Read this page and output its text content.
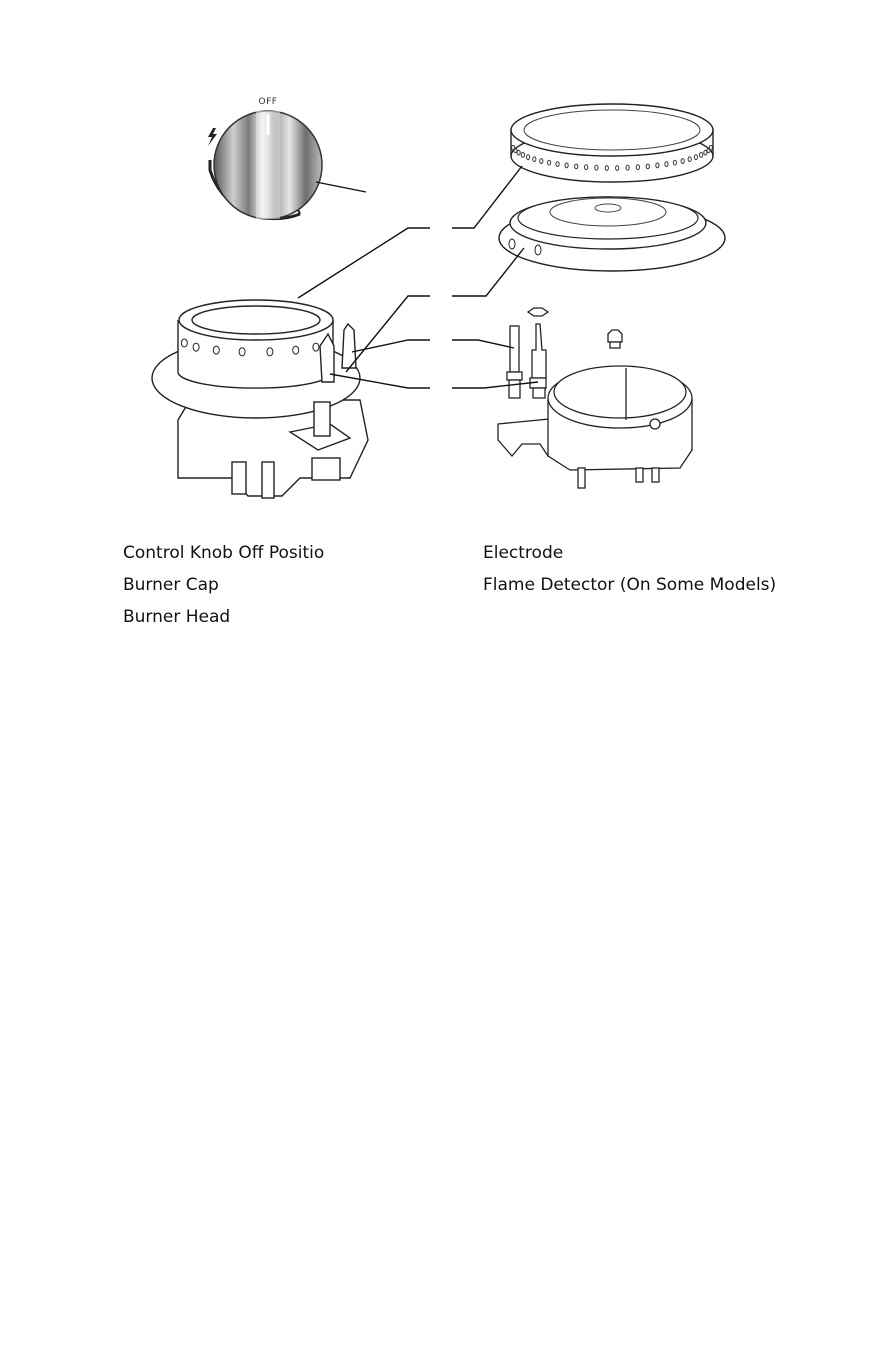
OFF
Control Knob Off Positio
Burner Cap
Burner Head
Electrode
Flame Detector (On Some Models)
